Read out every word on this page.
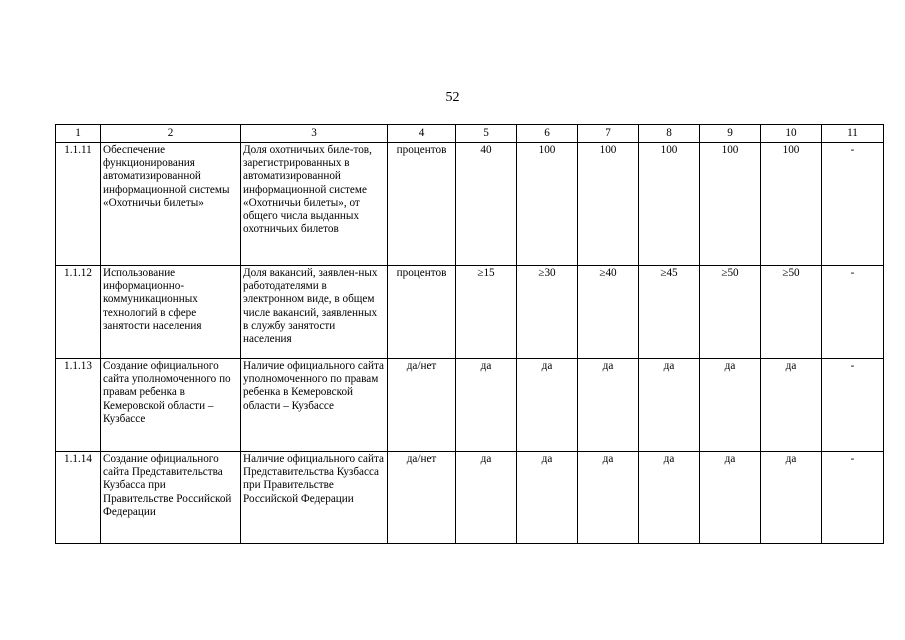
52
1	2	3	4	5	6	7	8	9	10	11
1.1.11	Обеспечение функционирования автоматизированной информационной системы «Охотничьи билеты»	Доля охотничьих биле-тов, зарегистрированных в автоматизированной информационной системе «Охотничьи билеты», от общего числа выданных охотничьих билетов	процентов	40	100	100	100	100	100	-
1.1.12	Использование информационно-коммуникационных технологий в сфере занятости населения	Доля вакансий, заявлен-ных работодателями в электронном виде, в общем числе вакансий, заявленных в службу занятости населения	процентов	≥15	≥30	≥40	≥45	≥50	≥50	-
1.1.13	Создание официального сайта уполномоченного по правам ребенка в Кемеровской области – Кузбассе	Наличие официального сайта уполномоченного по правам ребенка в Кемеровской области – Кузбассе	да/нет	да	да	да	да	да	да	-
1.1.14	Создание официального сайта Представительства Кузбасса при Правительстве Российской Федерации	Наличие официального сайта Представительства Кузбасса при Правительстве Российской Федерации	да/нет	да	да	да	да	да	да	-
